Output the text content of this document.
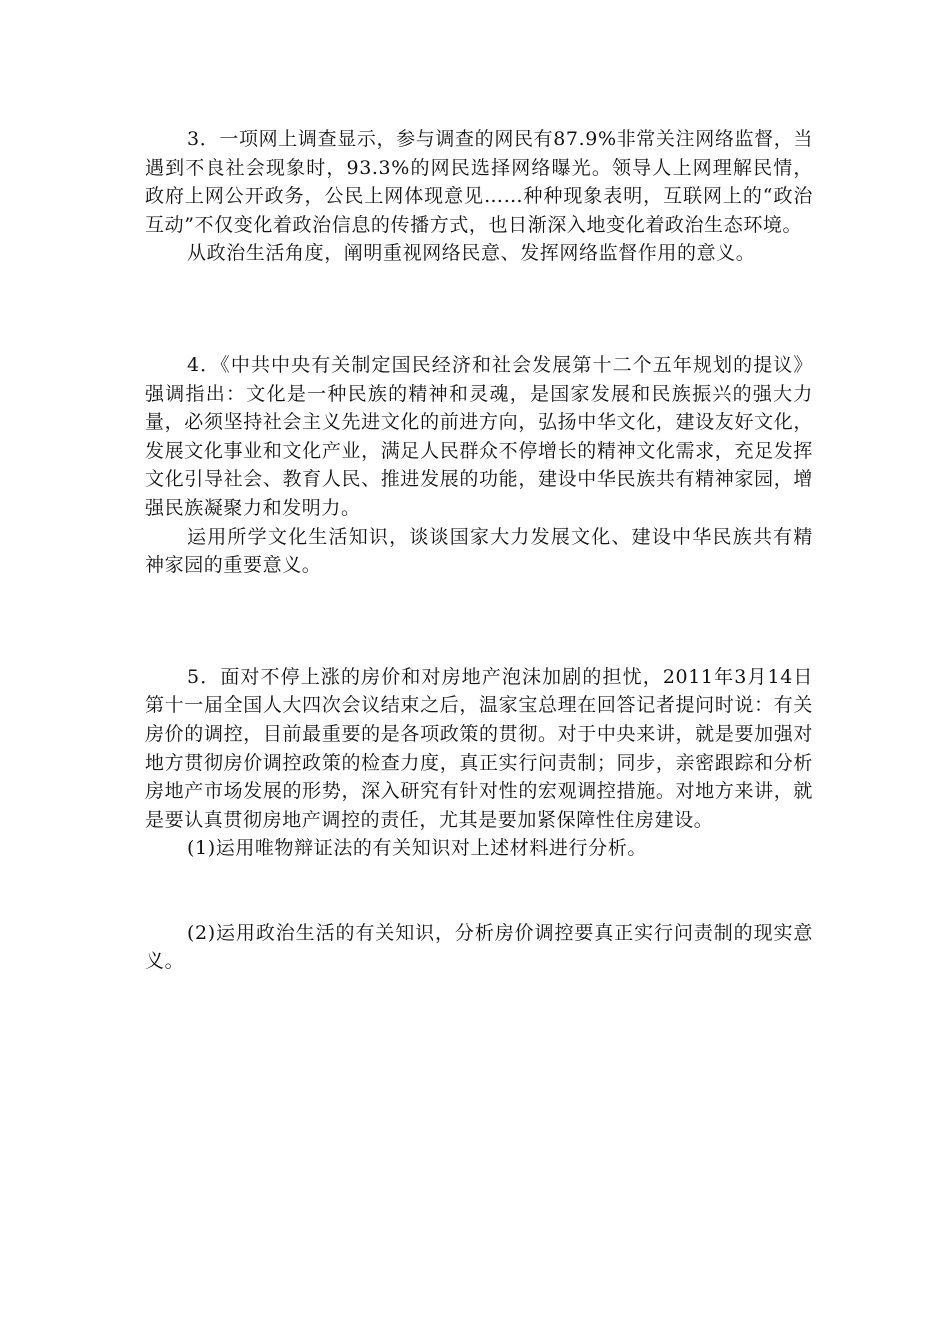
3．一项网上调查显示，参与调查的网民有87.9%非常关注网络监督，当遇到不良社会现象时，93.3%的网民选择网络曝光。领导人上网理解民情，政府上网公开政务，公民上网体现意见……种种现象表明，互联网上的“政治互动”不仅变化着政治信息的传播方式，也日渐深入地变化着政治生态环境。

从政治生活角度，阐明重视网络民意、发挥网络监督作用的意义。

4．《中共中央有关制定国民经济和社会发展第十二个五年规划的提议》强调指出：文化是一种民族的精神和灵魂，是国家发展和民族振兴的强大力量，必须坚持社会主义先进文化的前进方向，弘扬中华文化，建设友好文化，发展文化事业和文化产业，满足人民群众不停增长的精神文化需求，充足发挥文化引导社会、教育人民、推进发展的功能，建设中华民族共有精神家园，增强民族凝聚力和发明力。

运用所学文化生活知识，谈谈国家大力发展文化、建设中华民族共有精神家园的重要意义。

5．面对不停上涨的房价和对房地产泡沫加剧的担忧，2011年3月14日第十一届全国人大四次会议结束之后，温家宝总理在回答记者提问时说：有关房价的调控，目前最重要的是各项政策的贯彻。对于中央来讲，就是要加强对地方贯彻房价调控政策的检查力度，真正实行问责制；同步，亲密跟踪和分析房地产市场发展的形势，深入研究有针对性的宏观调控措施。对地方来讲，就是要认真贯彻房地产调控的责任，尤其是要加紧保障性住房建设。

(1)运用唯物辩证法的有关知识对上述材料进行分析。

(2)运用政治生活的有关知识，分析房价调控要真正实行问责制的现实意义。
